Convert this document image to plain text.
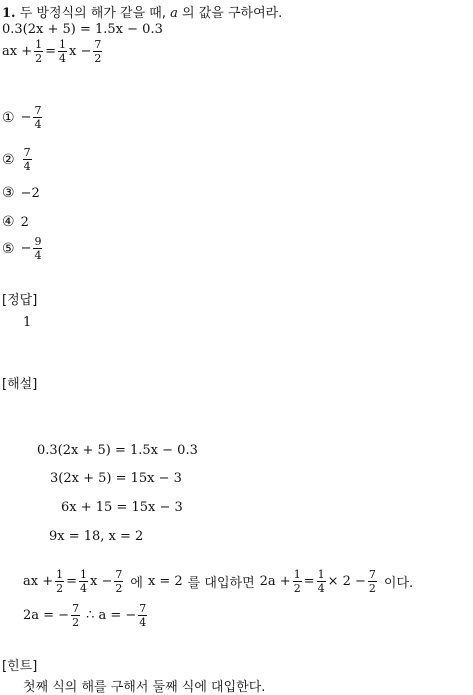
1. 두 방정식의 해가 같을 때, a 의 값을 구하여라.
0.3(2x + 5) = 1.5x − 0.3
ax + $\frac{1}{2} = \frac{1}{4}$ $x - \frac{7}{2}$
① − $\frac{7}{4}$
② $\frac{7}{4}$
③ −2
④ 2
⑤ − $\frac{9}{4}$
[정답]
1
[해설]
0.3(2x + 5) = 1.5x − 0.3
3(2x + 5) = 15x − 3
6x + 15 = 15x − 3
9x = 18, x = 2
ax + $\frac{1}{2} = \frac{1}{4}$ $x - \frac{7}{2}$ 에 x = 2 를 대입하면 $2a + \frac{1}{2} = \frac{1}{4} \times 2 - \frac{7}{2}$ 이다.
2a = − $\frac{7}{2}$ ∴ a = − $\frac{7}{4}$
[힌트]
첫째 식의 해를 구해서 둘째 식에 대입한다.
